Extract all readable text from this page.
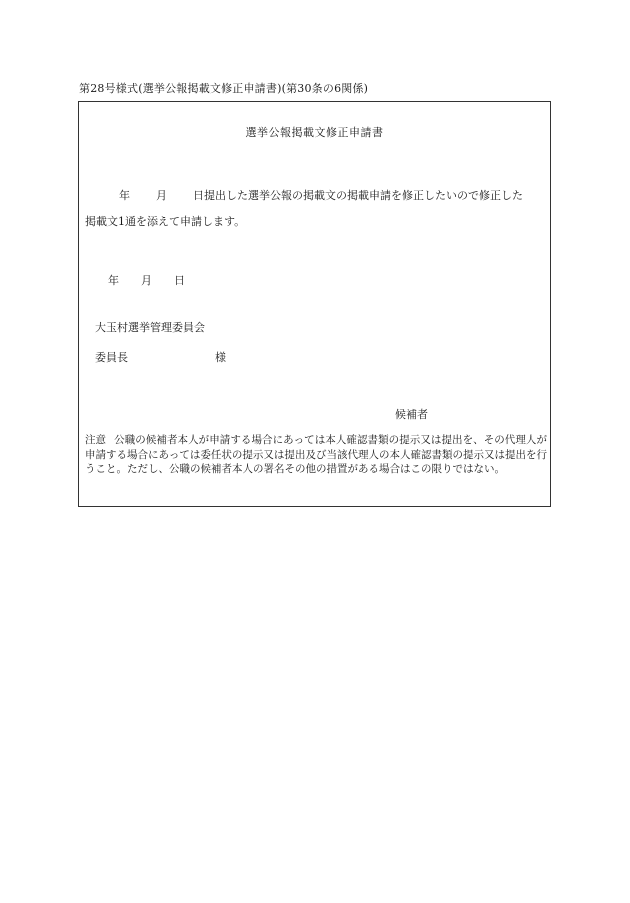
第28号様式(選挙公報掲載文修正申請書)(第30条の6関係)
選挙公報掲載文修正申請書
年 月 日提出した選挙公報の掲載文の掲載申請を修正したいので修正した
掲載文1通を添えて申請します。
年 月 日
大玉村選挙管理委員会
委員長	様
候補者
注意 公職の候補者本人が申請する場合にあっては本人確認書類の提示又は提出を、その代理人が申請する場合にあっては委任状の提示又は提出及び当該代理人の本人確認書類の提示又は提出を行うこと。ただし、公職の候補者本人の署名その他の措置がある場合はこの限りではない。
